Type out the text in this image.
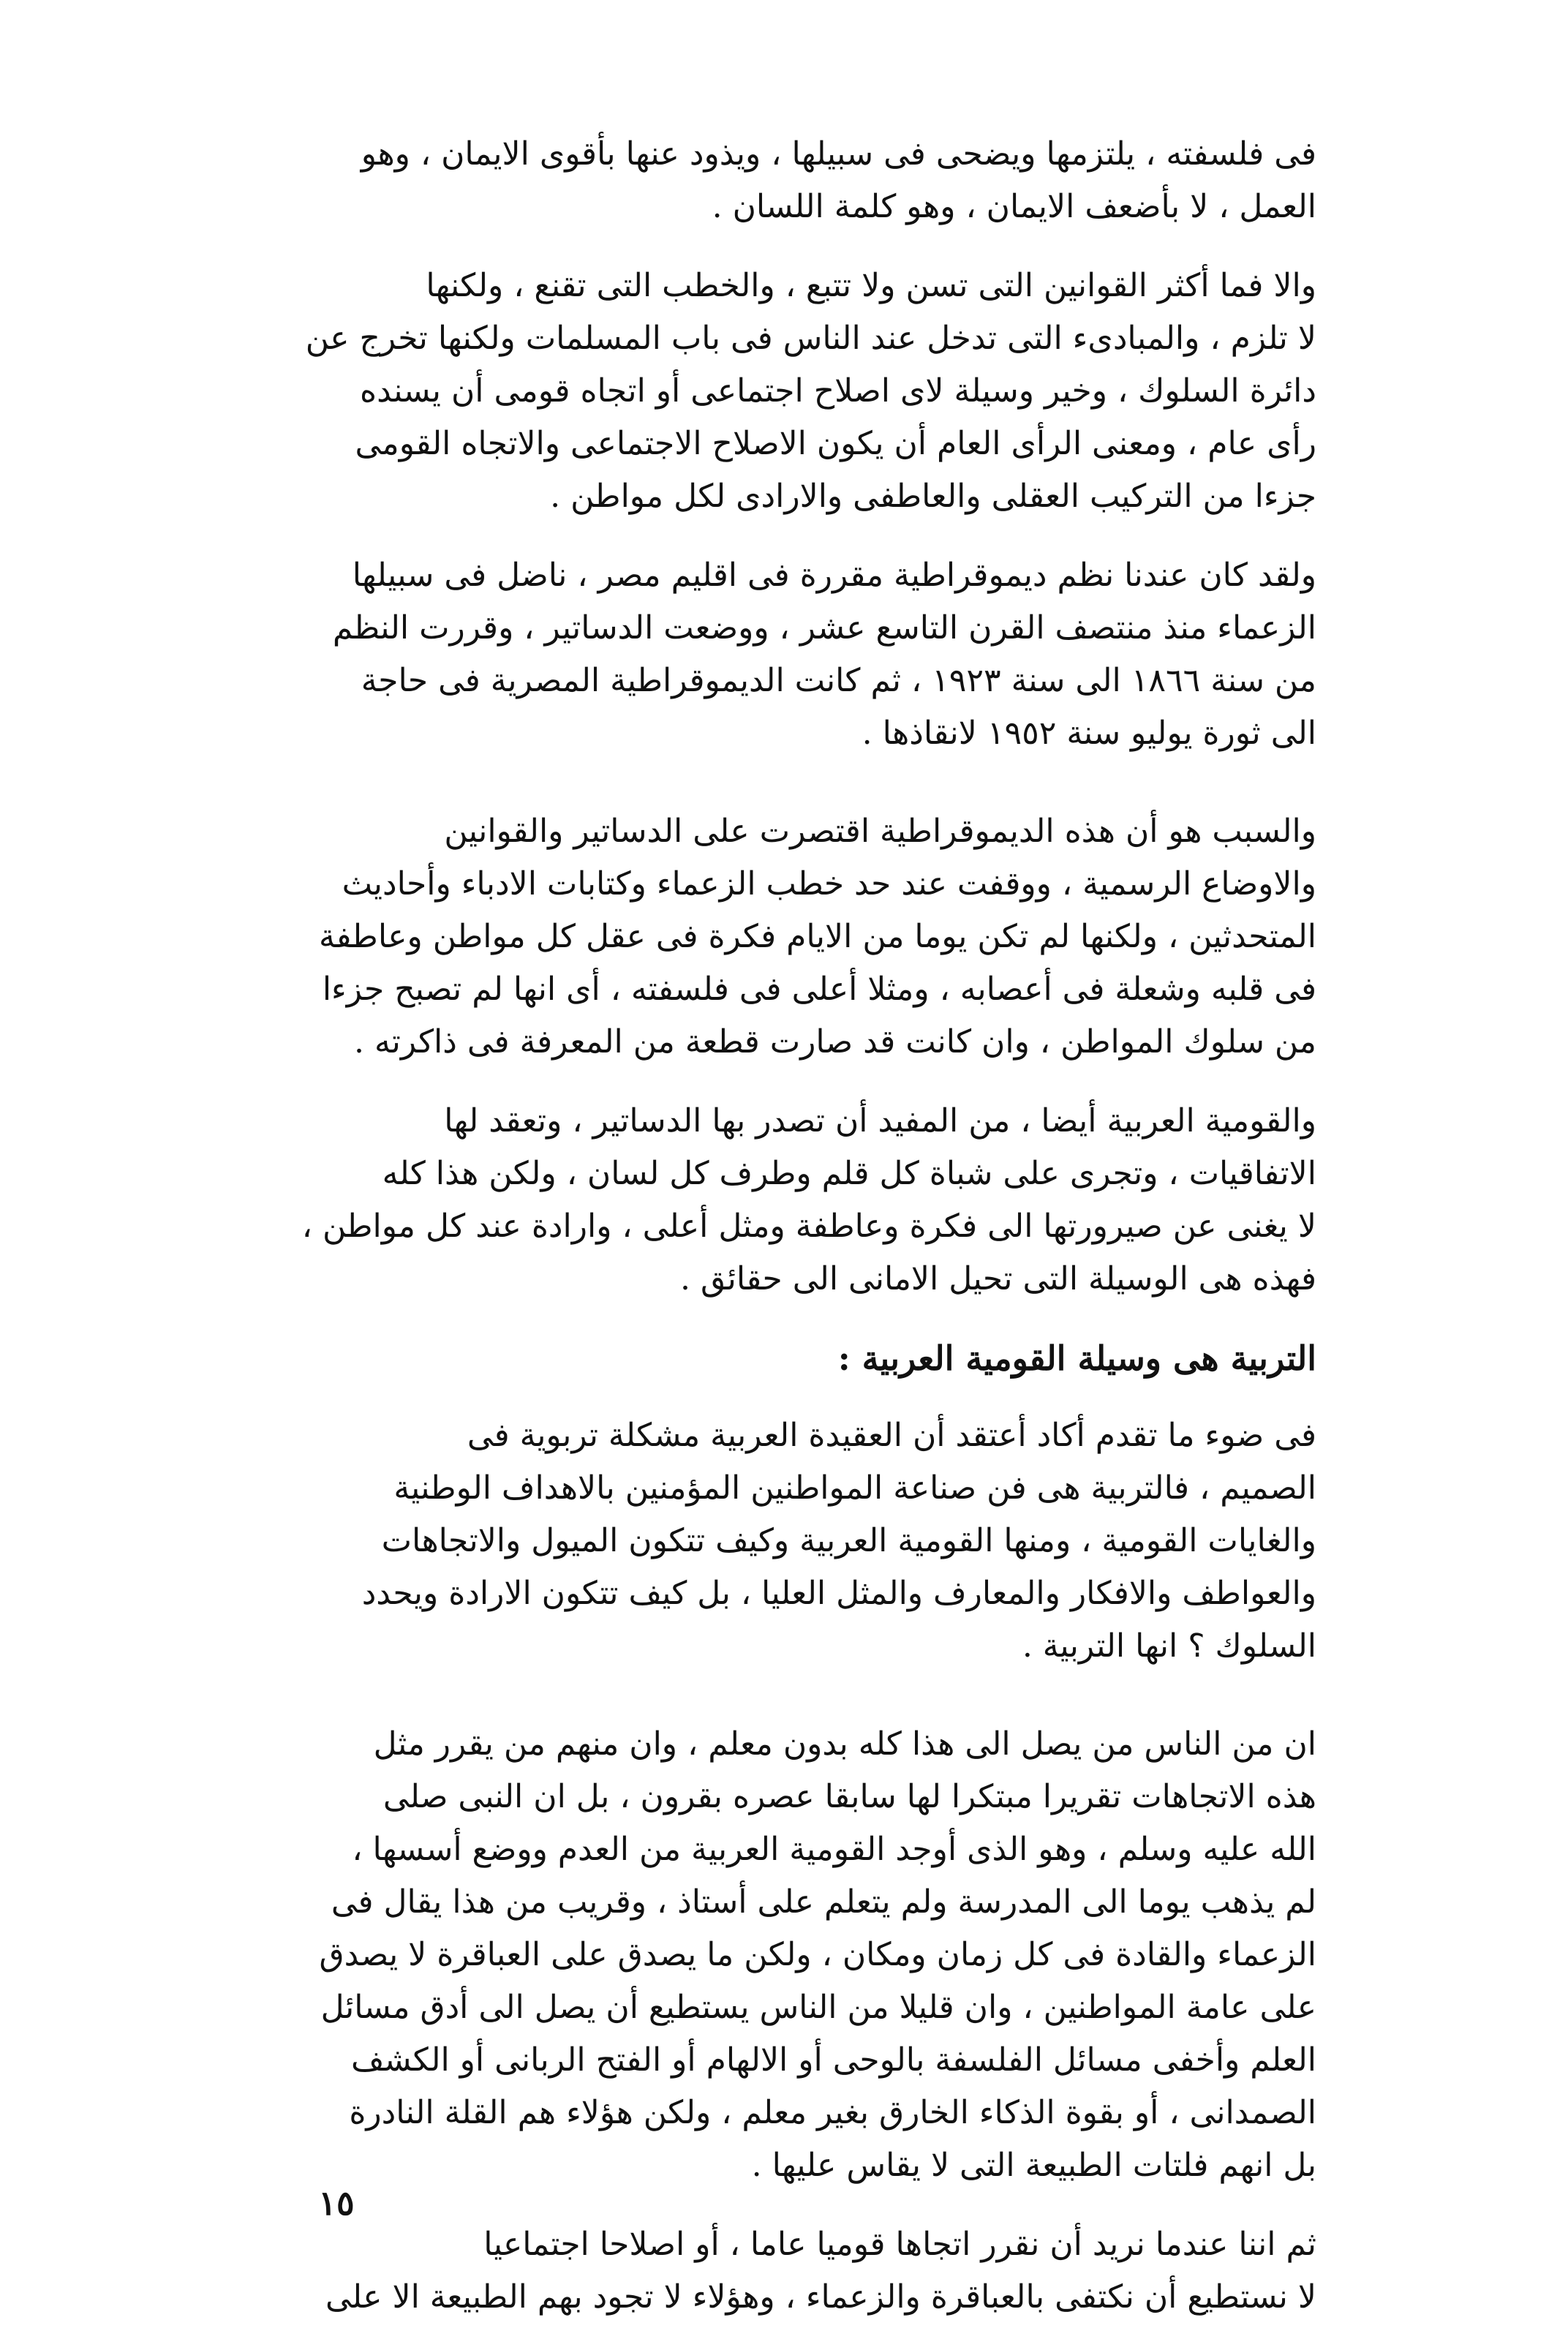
فى فلسفته ، يلتزمها ويضحى فى سبيلها ، ويذود عنها بأقوى الايمان ، وهو
العمل ، لا بأضعف الايمان ، وهو كلمة اللسان .

والا فما أكثر القوانين التى تسن ولا تتبع ، والخطب التى تقنع ، ولكنها
لا تلزم ، والمبادىء التى تدخل عند الناس فى باب المسلمات ولكنها تخرج عن
دائرة السلوك ، وخير وسيلة لاى اصلاح اجتماعى أو اتجاه قومى أن يسنده
رأى عام ، ومعنى الرأى العام أن يكون الاصلاح الاجتماعى والاتجاه القومى
جزءا من التركيب العقلى والعاطفى والارادى لكل مواطن .

ولقد كان عندنا نظم ديموقراطية مقررة فى اقليم مصر ، ناضل فى سبيلها
الزعماء منذ منتصف القرن التاسع عشر ، ووضعت الدساتير ، وقررت النظم
من سنة ١٨٦٦ الى سنة ١٩٢٣ ، ثم كانت الديموقراطية المصرية فى حاجة
الى ثورة يوليو سنة ١٩٥٢ لانقاذها .

والسبب هو أن هذه الديموقراطية اقتصرت على الدساتير والقوانين
والاوضاع الرسمية ، ووقفت عند حد خطب الزعماء وكتابات الادباء وأحاديث
المتحدثين ، ولكنها لم تكن يوما من الايام فكرة فى عقل كل مواطن وعاطفة
فى قلبه وشعلة فى أعصابه ، ومثلا أعلى فى فلسفته ، أى انها لم تصبح جزءا
من سلوك المواطن ، وان كانت قد صارت قطعة من المعرفة فى ذاكرته .

والقومية العربية أيضا ، من المفيد أن تصدر بها الدساتير ، وتعقد لها
الاتفاقيات ، وتجرى على شباة كل قلم وطرف كل لسان ، ولكن هذا كله
لا يغنى عن صيرورتها الى فكرة وعاطفة ومثل أعلى ، وارادة عند كل مواطن ،
فهذه هى الوسيلة التى تحيل الامانى الى حقائق .

التربية هى وسيلة القومية العربية :

فى ضوء ما تقدم أكاد أعتقد أن العقيدة العربية مشكلة تربوية فى
الصميم ، فالتربية هى فن صناعة المواطنين المؤمنين بالاهداف الوطنية
والغايات القومية ، ومنها القومية العربية وكيف تتكون الميول والاتجاهات
والعواطف والافكار والمعارف والمثل العليا ، بل كيف تتكون الارادة ويحدد
السلوك ؟ انها التربية .

ان من الناس من يصل الى هذا كله بدون معلم ، وان منهم من يقرر مثل
هذه الاتجاهات تقريرا مبتكرا لها سابقا عصره بقرون ، بل ان النبى صلى
الله عليه وسلم ، وهو الذى أوجد القومية العربية من العدم ووضع أسسها ،
لم يذهب يوما الى المدرسة ولم يتعلم على أستاذ ، وقريب من هذا يقال فى
الزعماء والقادة فى كل زمان ومكان ، ولكن ما يصدق على العباقرة لا يصدق
على عامة المواطنين ، وان قليلا من الناس يستطيع أن يصل الى أدق مسائل
العلم وأخفى مسائل الفلسفة بالوحى أو الالهام أو الفتح الربانى أو الكشف
الصمدانى ، أو بقوة الذكاء الخارق بغير معلم ، ولكن هؤلاء هم القلة النادرة
بل انهم فلتات الطبيعة التى لا يقاس عليها .

ثم اننا عندما نريد أن نقرر اتجاها قوميا عاما ، أو اصلاحا اجتماعيا
لا نستطيع أن نكتفى بالعباقرة والزعماء ، وهؤلاء لا تجود بهم الطبيعة الا على

١٥
